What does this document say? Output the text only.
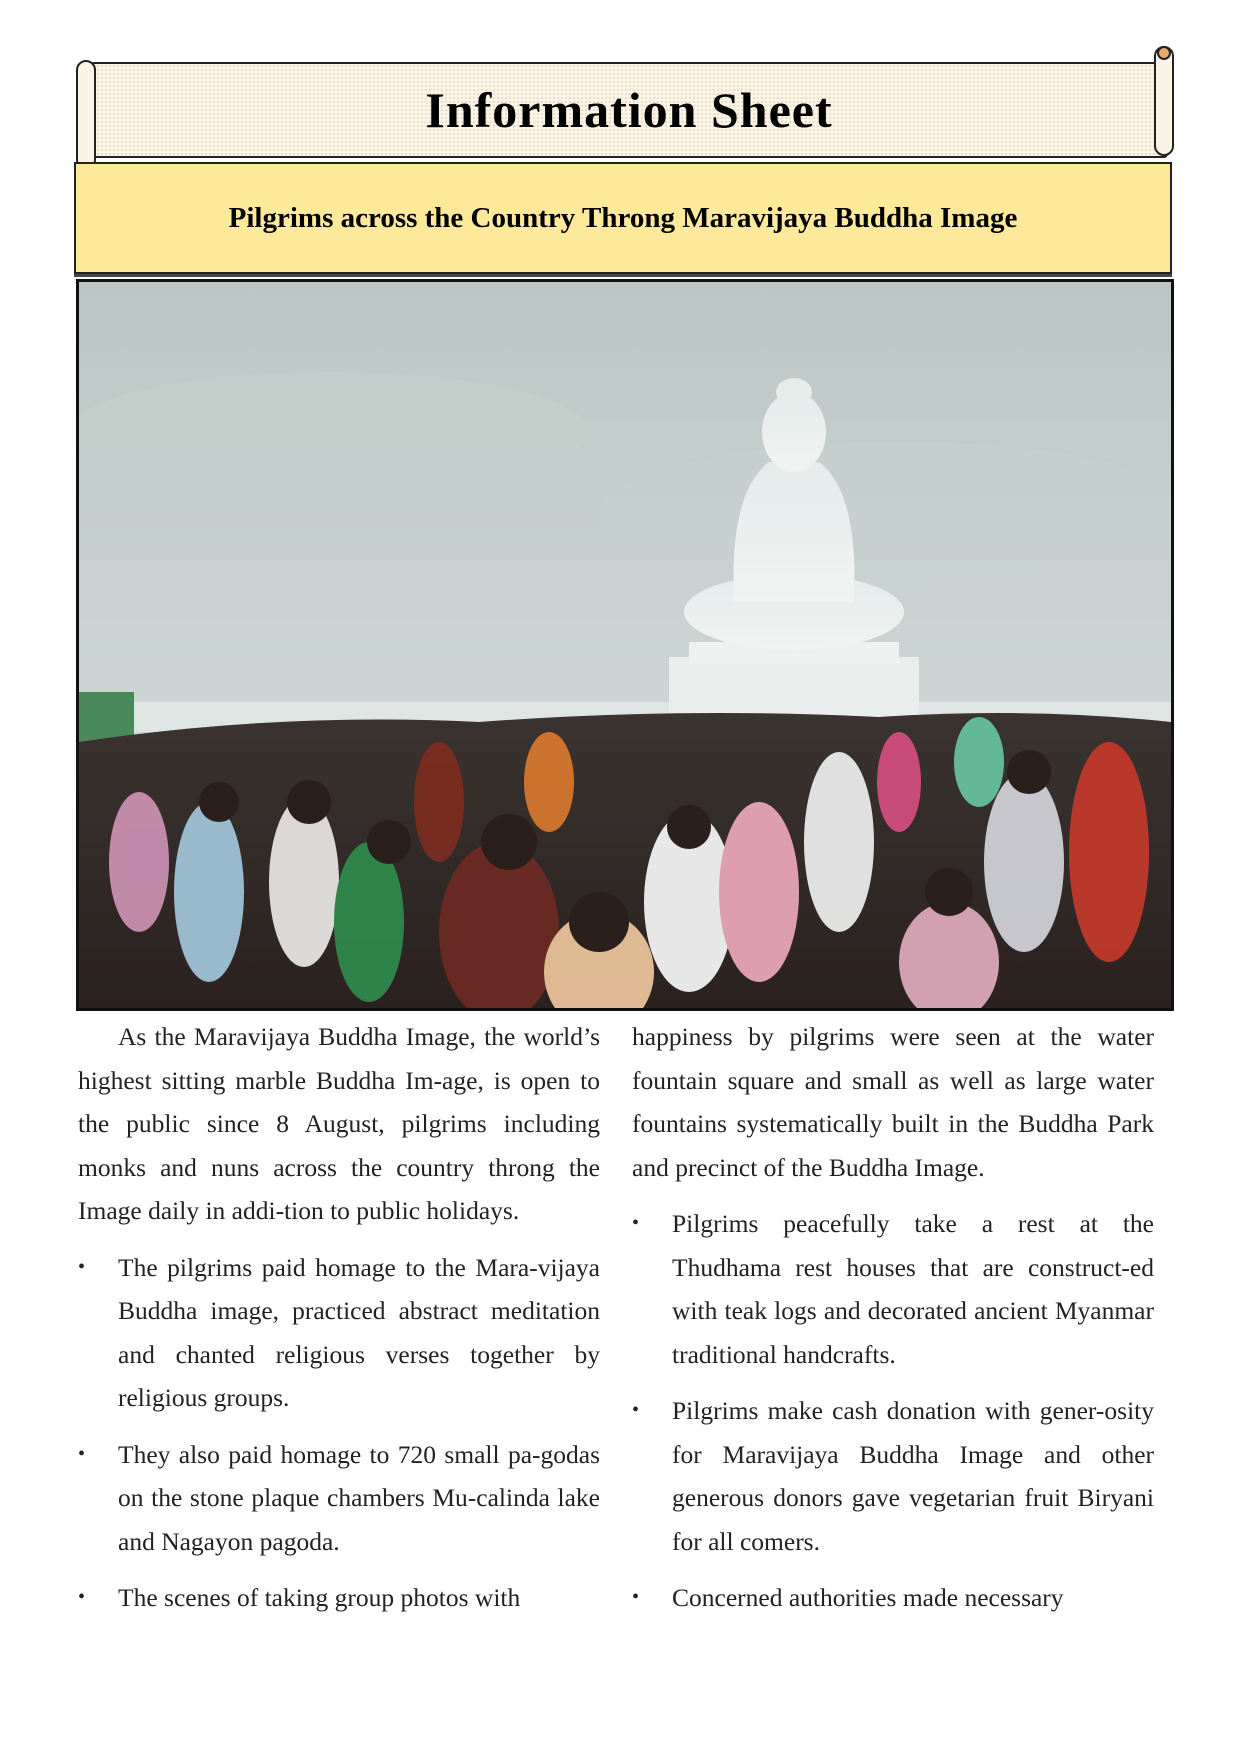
Information Sheet
Pilgrims across the Country Throng Maravijaya Buddha Image

As the Maravijaya Buddha Image, the world’s highest sitting marble Buddha Im-age, is open to the public since 8 August, pilgrims including monks and nuns across the country throng the Image daily in addi-tion to public holidays.

•	The pilgrims paid homage to the Mara-vijaya Buddha image, practiced abstract meditation and chanted religious verses together by religious groups.
•	They also paid homage to 720 small pa-godas on the stone plaque chambers Mu-calinda lake and Nagayon pagoda.
•	The scenes of taking group photos with

happiness by pilgrims were seen at the water fountain square and small as well as large water fountains systematically built in the Buddha Park and precinct of the Buddha Image.

•	Pilgrims peacefully take a rest at the Thudhama rest houses that are construct-ed with teak logs and decorated ancient Myanmar traditional handcrafts.
•	Pilgrims make cash donation with gener-osity for Maravijaya Buddha Image and other generous donors gave vegetarian fruit Biryani for all comers.
•	Concerned authorities made necessary
